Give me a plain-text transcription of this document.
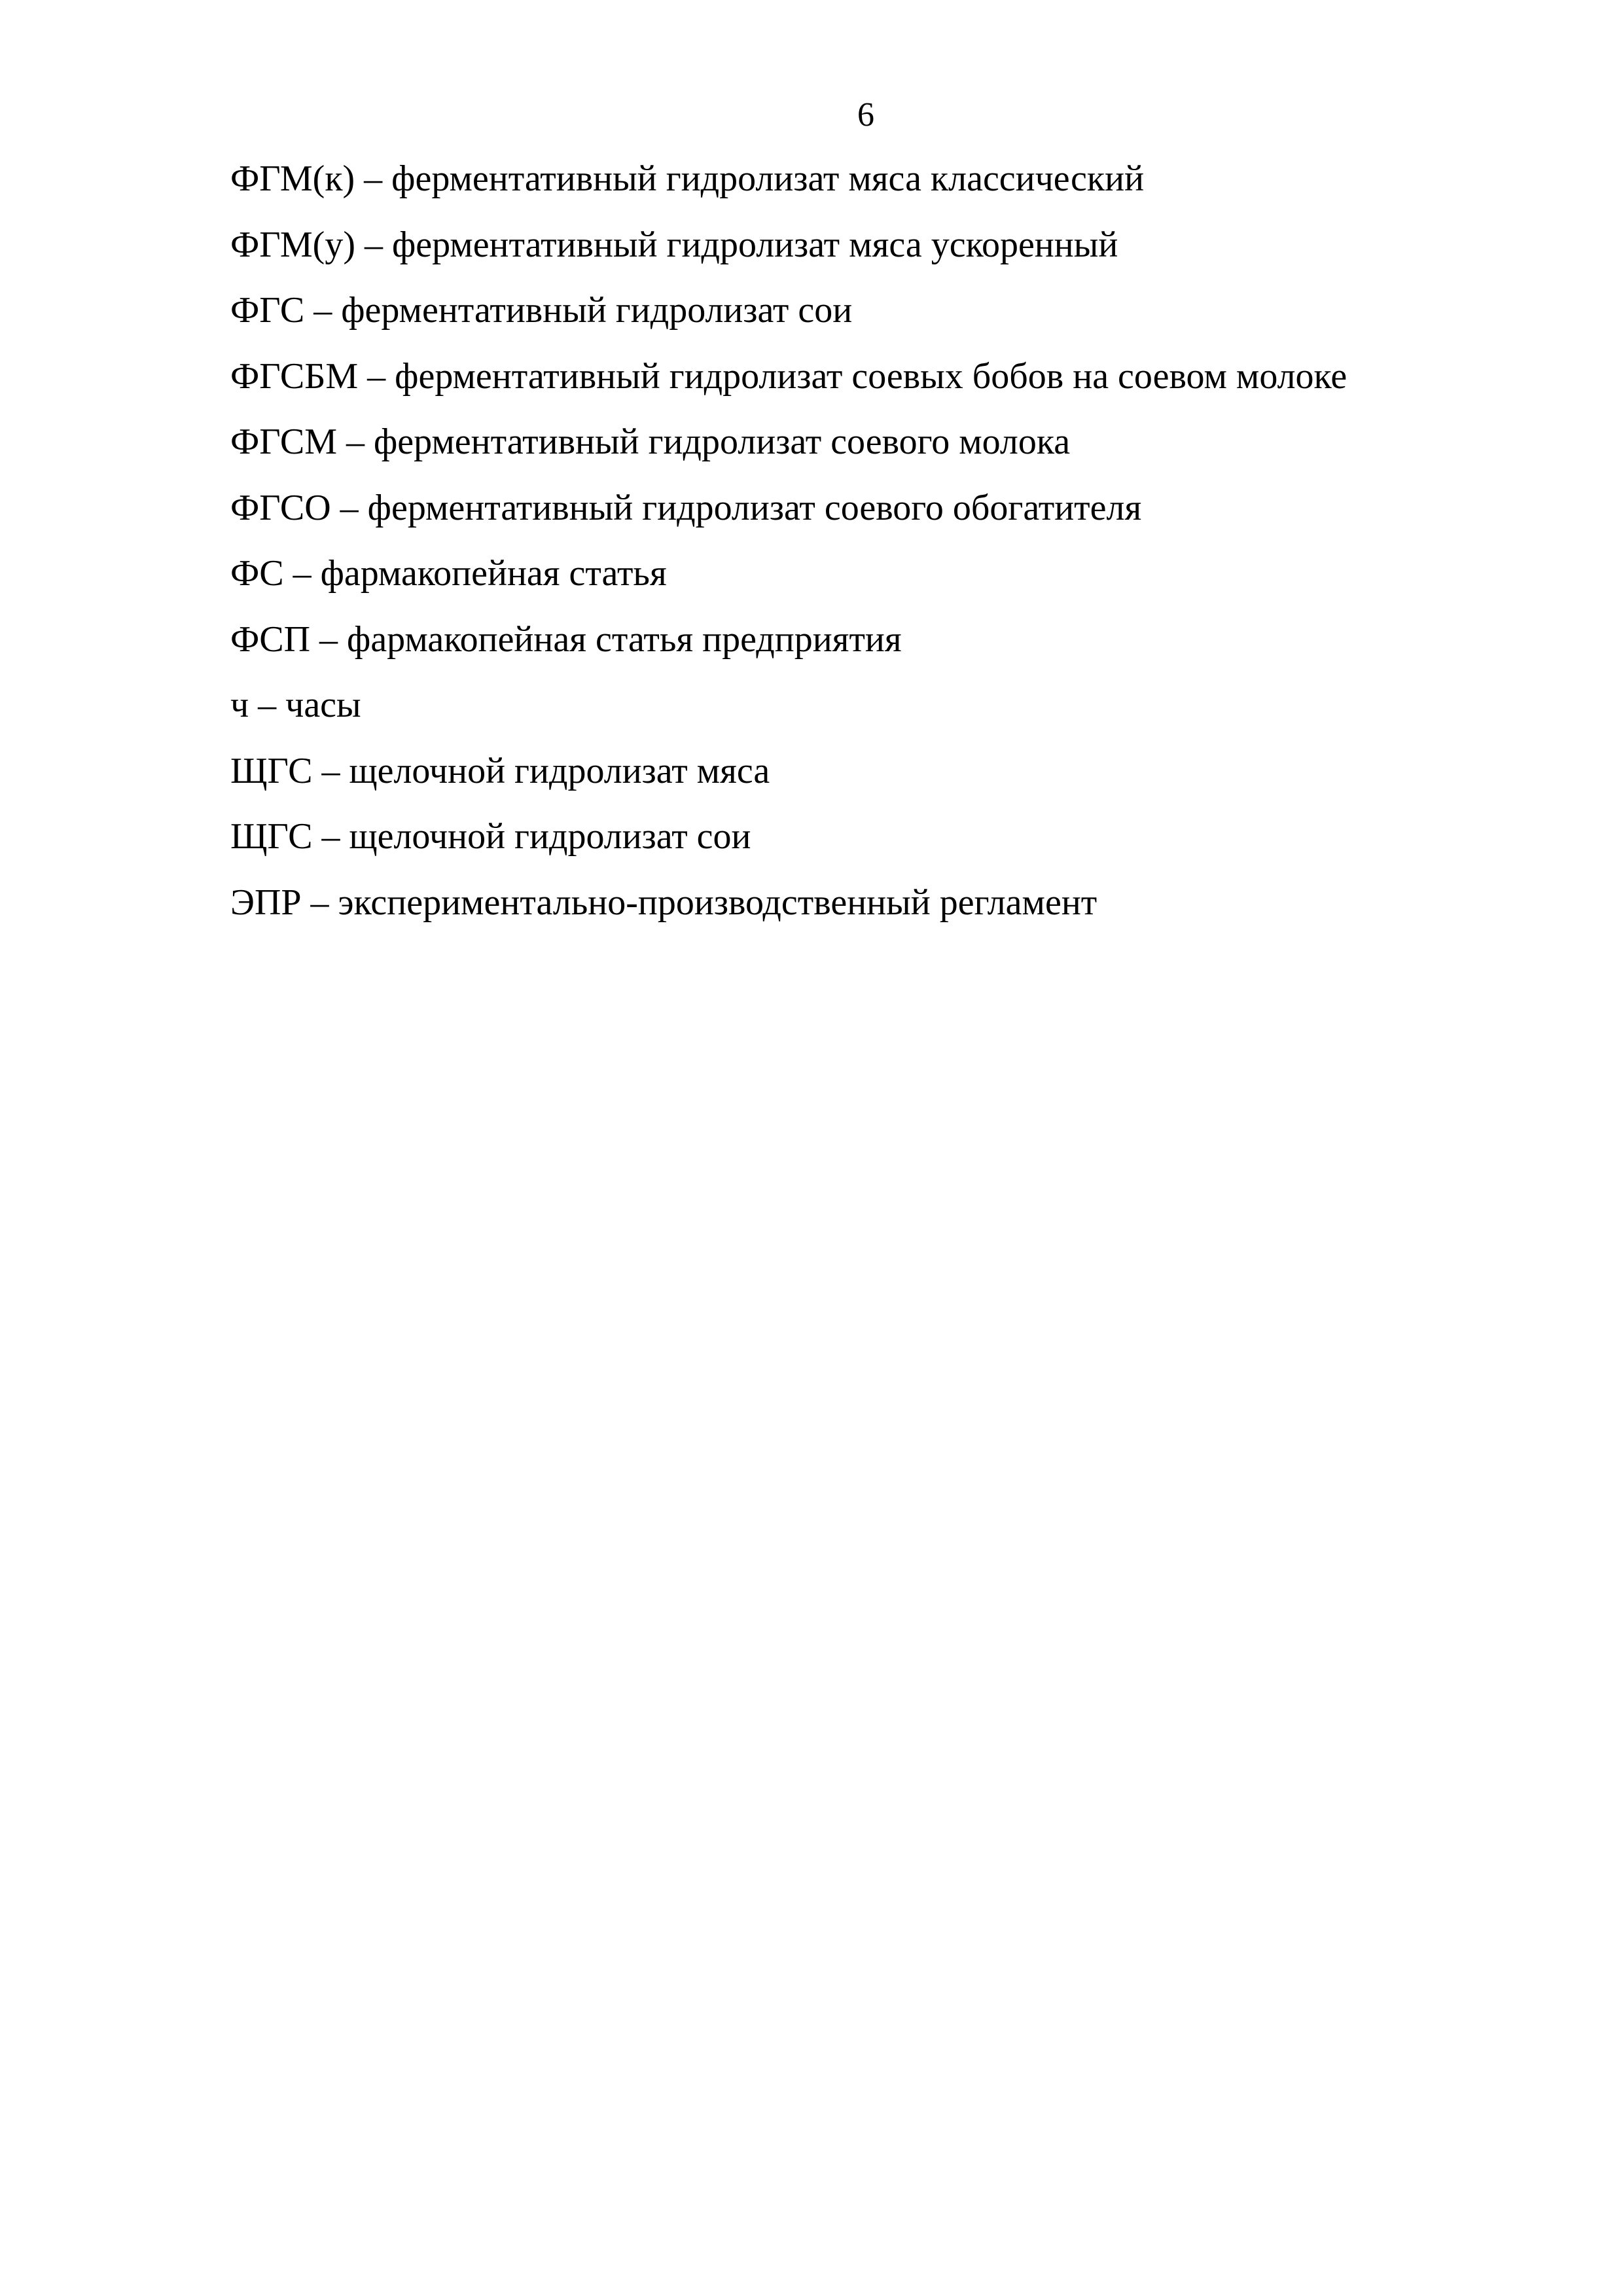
6
ФГМ(к) – ферментативный гидролизат мяса классический
ФГМ(у) – ферментативный гидролизат мяса ускоренный
ФГС – ферментативный гидролизат сои
ФГСБМ – ферментативный гидролизат соевых бобов на соевом молоке
ФГСМ – ферментативный гидролизат соевого молока
ФГСО – ферментативный гидролизат соевого обогатителя
ФС – фармакопейная статья
ФСП – фармакопейная статья предприятия
ч – часы
ЩГС – щелочной гидролизат мяса
ЩГС – щелочной гидролизат сои
ЭПР – экспериментально-производственный регламент
